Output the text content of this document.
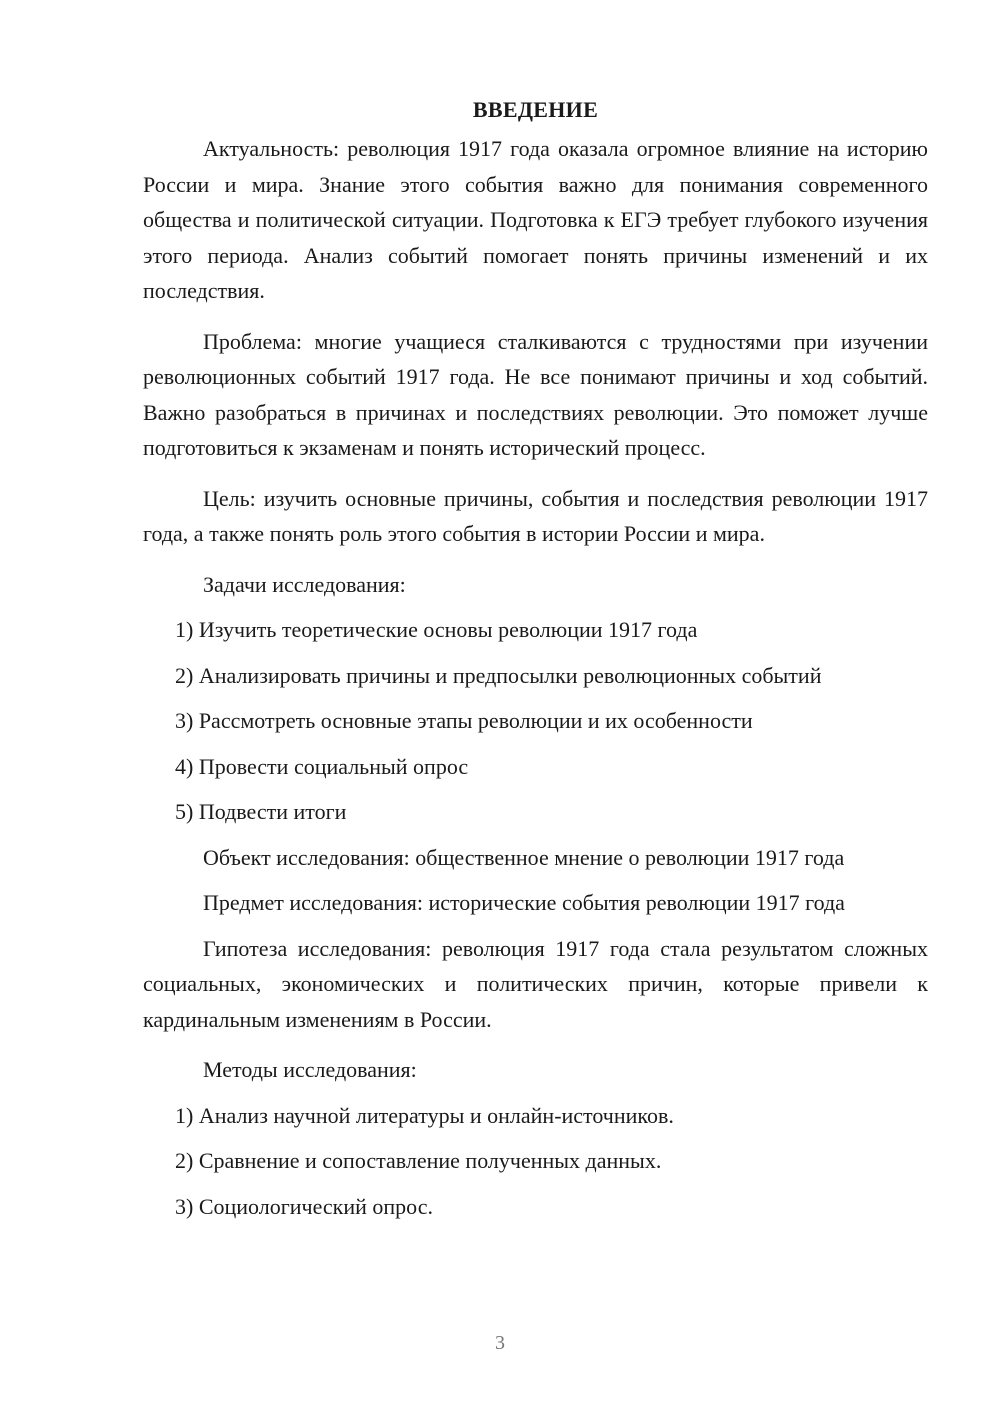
ВВЕДЕНИЕ

Актуальность: революция 1917 года оказала огромное влияние на историю России и мира. Знание этого события важно для понимания современного общества и политической ситуации. Подготовка к ЕГЭ требует глубокого изучения этого периода. Анализ событий помогает понять причины изменений и их последствия.

Проблема: многие учащиеся сталкиваются с трудностями при изучении революционных событий 1917 года. Не все понимают причины и ход событий. Важно разобраться в причинах и последствиях революции. Это поможет лучше подготовиться к экзаменам и понять исторический процесс.

Цель: изучить основные причины, события и последствия революции 1917 года, а также понять роль этого события в истории России и мира.

Задачи исследования:
1) Изучить теоретические основы революции 1917 года
2) Анализировать причины и предпосылки революционных событий
3) Рассмотреть основные этапы революции и их особенности
4) Провести социальный опрос
5) Подвести итоги
Объект исследования: общественное мнение о революции 1917 года
Предмет исследования: исторические события революции 1917 года

Гипотеза исследования: революция 1917 года стала результатом сложных социальных, экономических и политических причин, которые привели к кардинальным изменениям в России.

Методы исследования:
1) Анализ научной литературы и онлайн-источников.
2) Сравнение и сопоставление полученных данных.
3) Социологический опрос.
3
